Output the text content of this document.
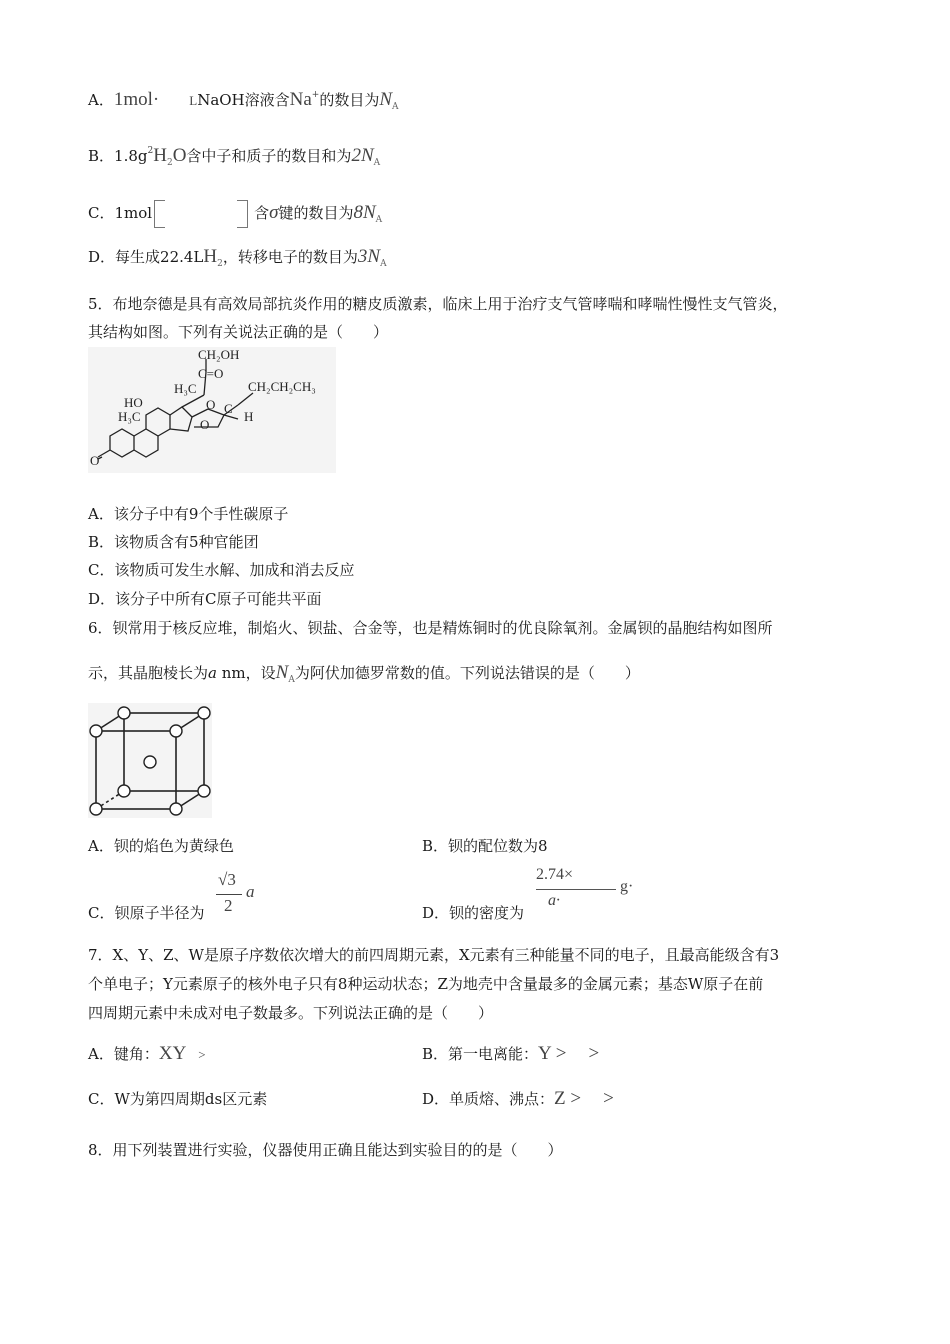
A．1mol· LNaOH溶液含Na+的数目为$N_A$
B．$1.8g^2H_2O$含中子和质子的数目和为$2N_A$
C．1mol	含σ键的数目为$8N_A$
D．每生成$22.4LH_2$，转移电子的数目为$3N_A$
5．布地奈德是具有高效局部抗炎作用的糖皮质激素，临床上用于治疗支气管哮喘和哮喘性慢性支气管炎，
其结构如图。下列有关说法正确的是（　　）
CH₂OH
C=O
H₃C
HO
H₃C
CH₂CH₂CH₃
O C
O
H
O
A．该分子中有9个手性碳原子
B．该物质含有5种官能团
C．该物质可发生水解、加成和消去反应
D．该分子中所有C原子可能共平面
6．钡常用于核反应堆，制焰火、钡盐、合金等，也是精炼铜时的优良除氧剂。金属钡的晶胞结构如图所
示，其晶胞棱长为a nm，设$N_A$为阿伏加德罗常数的值。下列说法错误的是（　　）
A．钡的焰色为黄绿色	B．钡的配位数为8
C．钡原子半径为
√3
2
a
D．钡的密度为
2.74×
a·
g·
7．X、Y、Z、W是原子序数依次增大的前四周期元素，X元素有三种能量不同的电子，且最高能级含有3
个单电子；Y元素原子的核外电子只有8种运动状态；Z为地壳中含量最多的金属元素；基态W原子在前
四周期元素中未成对电子数最多。下列说法正确的是（　　）
A．键角：XY >	B．第一电离能：Y > >
C．W为第四周期ds区元素	D．单质熔、沸点：Z > >
8．用下列装置进行实验，仪器使用正确且能达到实验目的的是（　　）
